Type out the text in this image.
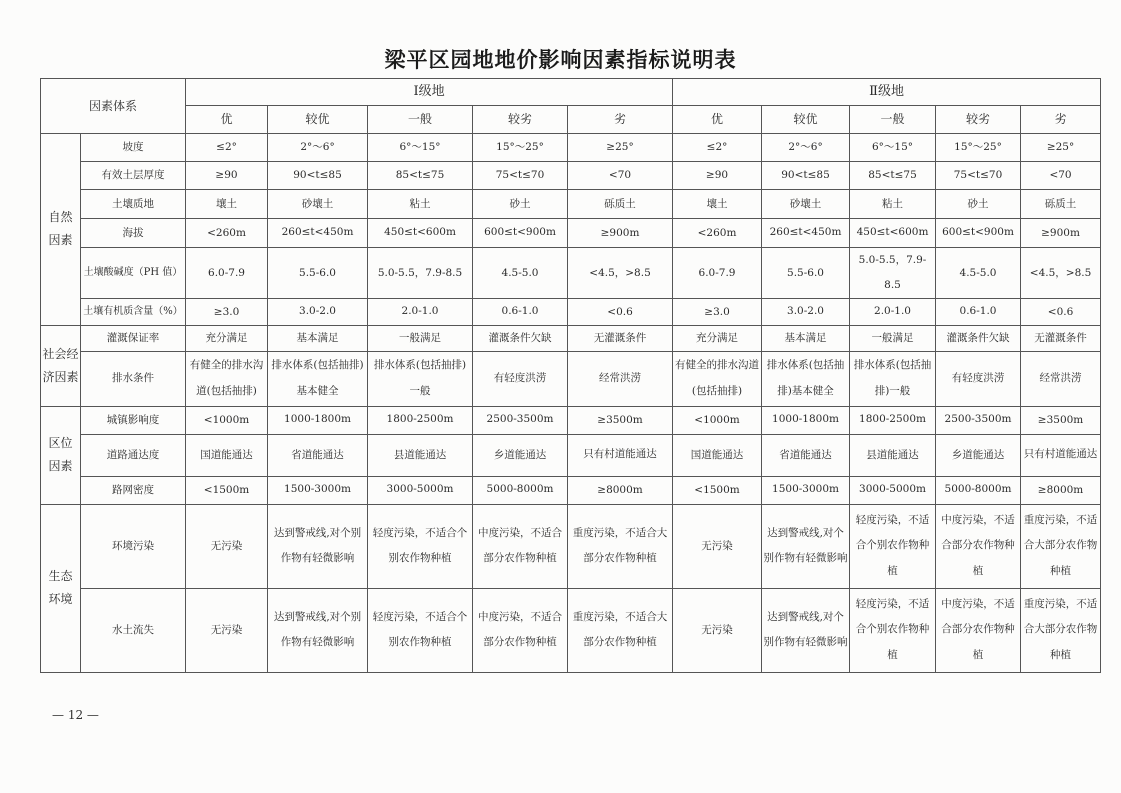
梁平区园地地价影响因素指标说明表
因素体系		Ⅰ级地					Ⅱ级地				
		优	较优	一般	较劣	劣	优	较优	一般	较劣	劣

自然
因素	坡度	≤2°	2°～6°	6°～15°	15°～25°	≥25°	≤2°	2°～6°	6°～15°	15°～25°	≥25°
	有效土层厚度	≥90	90<t≤85	85<t≤75	75<t≤70	<70	≥90	90<t≤85	85<t≤75	75<t≤70	<70
	土壤质地	壤土	砂壤土	粘土	砂土	砾质土	壤土	砂壤土	粘土	砂土	砾质土
	海拔	<260m	260≤t<450m	450≤t<600m	600≤t<900m	≥900m	<260m	260≤t<450m	450≤t<600m	600≤t<900m	≥900m
	土壤酸碱度（PH 值）	6.0-7.9	5.5-6.0	5.0-5.5，7.9-8.5	4.5-5.0	<4.5，>8.5	6.0-7.9	5.5-6.0	5.0-5.5，7.9-8.5	4.5-5.0	<4.5，>8.5
	土壤有机质含量（%）	≥3.0	3.0-2.0	2.0-1.0	0.6-1.0	<0.6	≥3.0	3.0-2.0	2.0-1.0	0.6-1.0	<0.6

社会经
济因素	灌溉保证率	充分满足	基本满足	一般满足	灌溉条件欠缺	无灌溉条件	充分满足	基本满足	一般满足	灌溉条件欠缺	无灌溉条件
	排水条件	有健全的排水沟道(包括抽排)	排水体系(包括抽排)基本健全	排水体系(包括抽排)一般	有轻度洪涝	经常洪涝	有健全的排水沟道(包括抽排)	排水体系(包括抽排)基本健全	排水体系(包括抽排)一般	有轻度洪涝	经常洪涝

区位
因素	城镇影响度	<1000m	1000-1800m	1800-2500m	2500-3500m	≥3500m	<1000m	1000-1800m	1800-2500m	2500-3500m	≥3500m
	道路通达度	国道能通达	省道能通达	县道能通达	乡道能通达	只有村道能通达	国道能通达	省道能通达	县道能通达	乡道能通达	只有村道能通达
	路网密度	<1500m	1500-3000m	3000-5000m	5000-8000m	≥8000m	<1500m	1500-3000m	3000-5000m	5000-8000m	≥8000m

生态
环境	环境污染	无污染	达到警戒线,对个别作物有轻微影响	轻度污染，不适合个别农作物种植	中度污染，不适合部分农作物种植	重度污染，不适合大部分农作物种植	无污染	达到警戒线,对个别作物有轻微影响	轻度污染，不适合个别农作物种植	中度污染，不适合部分农作物种植	重度污染，不适合大部分农作物种植
	水土流失	无污染	达到警戒线,对个别作物有轻微影响	轻度污染，不适合个别农作物种植	中度污染，不适合部分农作物种植	重度污染，不适合大部分农作物种植	无污染	达到警戒线,对个别作物有轻微影响	轻度污染，不适合个别农作物种植	中度污染，不适合部分农作物种植	重度污染，不适合大部分农作物种植
— 12 —
